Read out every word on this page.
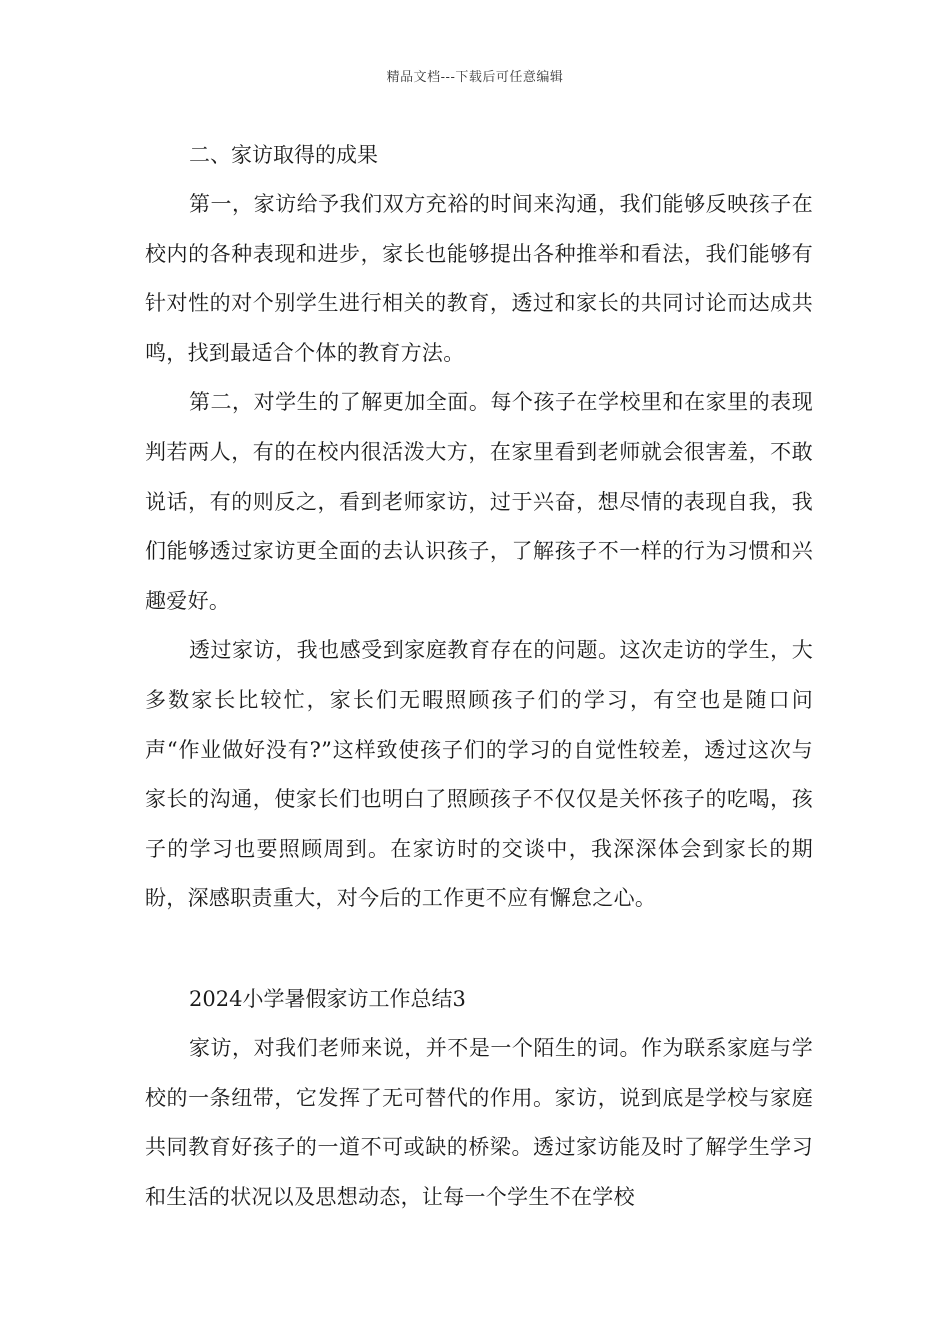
精品文档---下载后可任意编辑
二、家访取得的成果

第一，家访给予我们双方充裕的时间来沟通，我们能够反映孩子在校内的各种表现和进步，家长也能够提出各种推举和看法，我们能够有针对性的对个别学生进行相关的教育，透过和家长的共同讨论而达成共鸣，找到最适合个体的教育方法。

第二，对学生的了解更加全面。每个孩子在学校里和在家里的表现判若两人，有的在校内很活泼大方，在家里看到老师就会很害羞，不敢说话，有的则反之，看到老师家访，过于兴奋，想尽情的表现自我，我们能够透过家访更全面的去认识孩子，了解孩子不一样的行为习惯和兴趣爱好。

透过家访，我也感受到家庭教育存在的问题。这次走访的学生，大多数家长比较忙，家长们无暇照顾孩子们的学习，有空也是随口问声“作业做好没有?”这样致使孩子们的学习的自觉性较差，透过这次与家长的沟通，使家长们也明白了照顾孩子不仅仅是关怀孩子的吃喝，孩子的学习也要照顾周到。在家访时的交谈中，我深深体会到家长的期盼，深感职责重大，对今后的工作更不应有懈怠之心。

2024小学暑假家访工作总结3

家访，对我们老师来说，并不是一个陌生的词。作为联系家庭与学校的一条纽带，它发挥了无可替代的作用。家访，说到底是学校与家庭共同教育好孩子的一道不可或缺的桥梁。透过家访能及时了解学生学习和生活的状况以及思想动态，让每一个学生不在学校
